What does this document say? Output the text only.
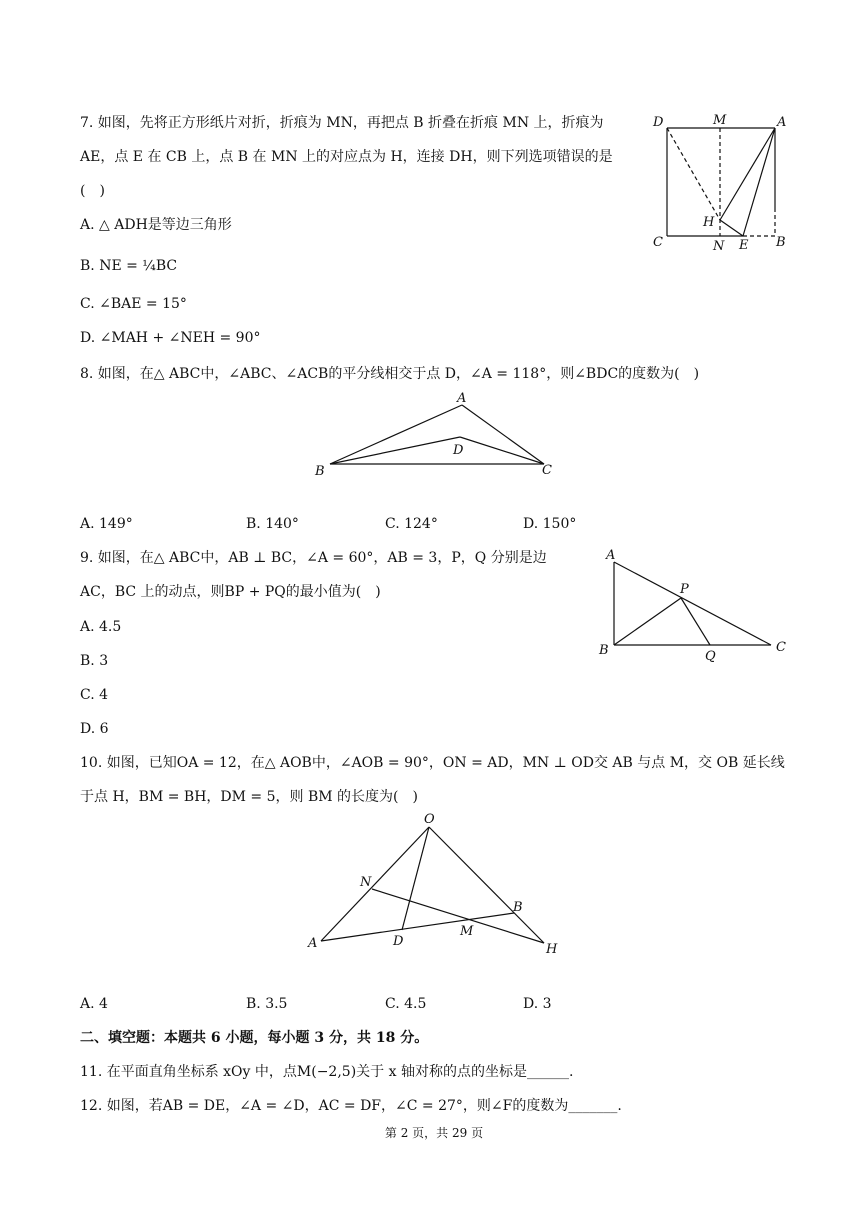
7. 如图，先将正方形纸片对折，折痕为 MN，再把点 B 折叠在折痕 MN 上，折痕为
AE，点 E 在 CB 上，点 B 在 MN 上的对应点为 H，连接 DH，则下列选项错误的是
(　)
A. △ ADH是等边三角形
B. NE = ¼BC
C. ∠BAE = 15°
D. ∠MAH + ∠NEH = 90°
D	M	A
H
C	N E B
8. 如图，在△ ABC中，∠ABC、∠ACB的平分线相交于点 D，∠A = 118°，则∠BDC的度数为(　)
A
B	C
D
A. 149°	B. 140°	C. 124°	D. 150°
9. 如图，在△ ABC中，AB ⊥ BC，∠A = 60°，AB = 3，P，Q 分别是边
AC，BC 上的动点，则BP + PQ的最小值为(　)
A. 4.5
B. 3
C. 4
D. 6
A
B	C
P
Q
10. 如图，已知OA = 12，在△ AOB中，∠AOB = 90°，ON = AD，MN ⊥ OD交 AB 与点 M，交 OB 延长线
于点 H，BM = BH，DM = 5，则 BM 的长度为(　)
O
N
B
A	D
M
H
A. 4	B. 3.5	C. 4.5	D. 3
二、填空题：本题共 6 小题，每小题 3 分，共 18 分。
11. 在平面直角坐标系 xOy 中，点M(−2,5)关于 x 轴对称的点的坐标是______.
12. 如图，若AB = DE，∠A = ∠D，AC = DF，∠C = 27°，则∠F的度数为_______.
第 2 页，共 29 页
